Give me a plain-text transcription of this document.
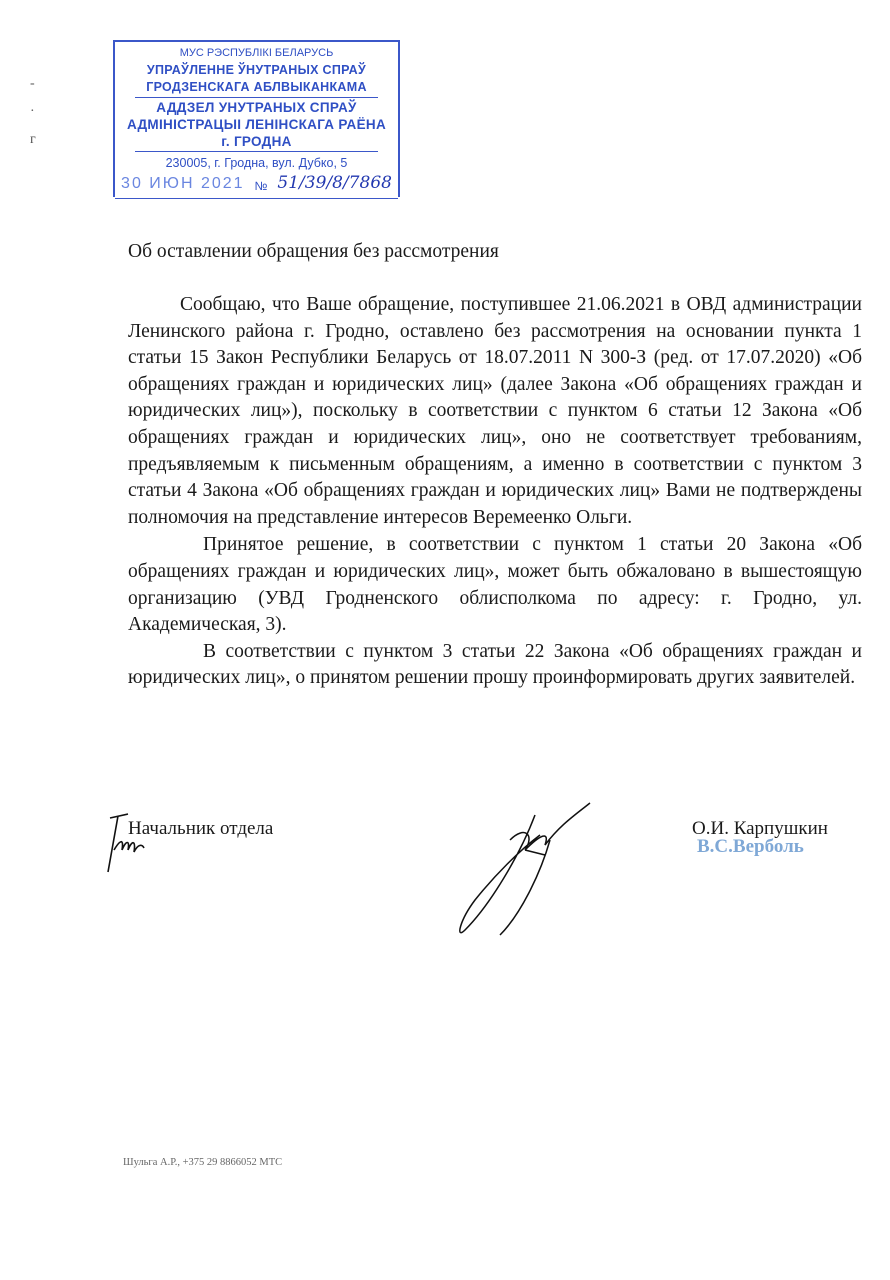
-
·
г
МУС РЭСПУБЛІКІ БЕЛАРУСЬ
УПРАЎЛЕННЕ ЎНУТРАНЫХ СПРАЎ
ГРОДЗЕНСКАГА АБЛВЫКАНКАМА
АДДЗЕЛ УНУТРАНЫХ СПРАЎ
АДМІНІСТРАЦЫІ ЛЕНІНСКАГА РАЁНА
г. ГРОДНА
230005, г. Гродна, вул. Дубко, 5
30 ИЮН 2021 № 51/39/8/7868
Об оставлении обращения без рассмотрения

Сообщаю, что Ваше обращение, поступившее 21.06.2021 в ОВД администрации Ленинского района г. Гродно, оставлено без рассмотрения на основании пункта 1 статьи 15 Закон Республики Беларусь от 18.07.2011 N 300-З (ред. от 17.07.2020) «Об обращениях граждан и юридических лиц» (далее Закона «Об обращениях граждан и юридических лиц»), поскольку в соответствии с пунктом 6 статьи 12 Закона «Об обращениях граждан и юридических лиц», оно не соответствует требованиям, предъявляемым к письменным обращениям, а именно в соответствии с пунктом 3 статьи 4 Закона «Об обращениях граждан и юридических лиц» Вами не подтверждены полномочия на представление интересов Веремеенко Ольги.

Принятое решение, в соответствии с пунктом 1 статьи 20 Закона «Об обращениях граждан и юридических лиц», может быть обжаловано в вышестоящую организацию (УВД Гродненского облисполкома по адресу: г. Гродно, ул. Академическая, 3).

В соответствии с пунктом 3 статьи 22 Закона «Об обращениях граждан и юридических лиц», о принятом решении прошу проинформировать других заявителей.

Начальник отдела	О.И. Карпушкин
В.С.Верболь
Шульга А.Р., +375 29 8866052 МТС
